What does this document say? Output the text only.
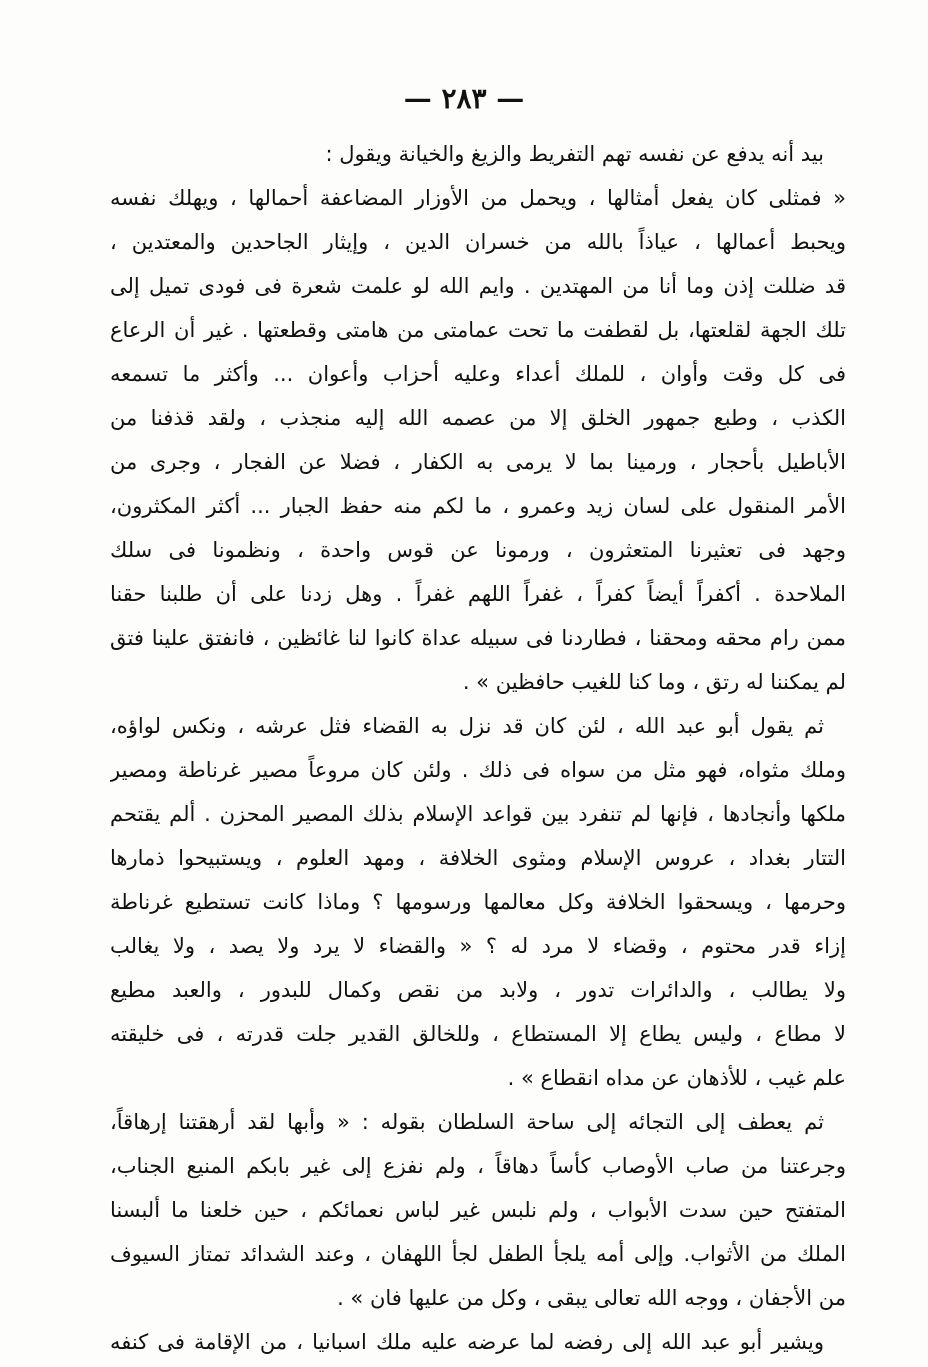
— ٢٨٣ —
بيد أنه يدفع عن نفسه تهم التفريط والزيغ والخيانة ويقول :
« فمثلى كان يفعل أمثالها ، ويحمل من الأوزار المضاعفة أحمالها ، ويهلك نفسه
ويحبط أعمالها ، عياذاً بالله من خسران الدين ، وإيثار الجاحدين والمعتدين ،
قد ضللت إذن وما أنا من المهتدين . وايم الله لو علمت شعرة فى فودى تميل إلى
تلك الجهة لقلعتها، بل لقطفت ما تحت عمامتى من هامتى وقطعتها . غير أن الرعاع
فى كل وقت وأوان ، للملك أعداء وعليه أحزاب وأعوان ... وأكثر ما تسمعه
الكذب ، وطبع جمهور الخلق إلا من عصمه الله إليه منجذب ، ولقد قذفنا من
الأباطيل بأحجار ، ورمينا بما لا يرمى به الكفار ، فضلا عن الفجار ، وجرى من
الأمر المنقول على لسان زيد وعمرو ، ما لكم منه حفظ الجبار ... أكثر المكثرون،
وجهد فى تعثيرنا المتعثرون ، ورمونا عن قوس واحدة ، ونظمونا فى سلك
الملاحدة . أكفراً أيضاً كفراً ، غفراً اللهم غفراً . وهل زدنا على أن طلبنا حقنا
ممن رام محقه ومحقنا ، فطاردنا فى سبيله عداة كانوا لنا غائظين ، فانفتق علينا فتق
لم يمكننا له رتق ، وما كنا للغيب حافظين » .
ثم يقول أبو عبد الله ، لئن كان قد نزل به القضاء فثل عرشه ، ونكس لواؤه،
وملك مثواه، فهو مثل من سواه فى ذلك . ولئن كان مروعاً مصير غرناطة ومصير
ملكها وأنجادها ، فإنها لم تنفرد بين قواعد الإسلام بذلك المصير المحزن . ألم يقتحم
التتار بغداد ، عروس الإسلام ومثوى الخلافة ، ومهد العلوم ، ويستبيحوا ذمارها
وحرمها ، ويسحقوا الخلافة وكل معالمها ورسومها ؟ وماذا كانت تستطيع غرناطة
إزاء قدر محتوم ، وقضاء لا مرد له ؟ « والقضاء لا يرد ولا يصد ، ولا يغالب
ولا يطالب ، والدائرات تدور ، ولابد من نقص وكمال للبدور ، والعبد مطيع
لا مطاع ، وليس يطاع إلا المستطاع ، وللخالق القدير جلت قدرته ، فى خليقته
علم غيب ، للأذهان عن مداه انقطاع » .
ثم يعطف إلى التجائه إلى ساحة السلطان بقوله : « وأبها لقد أرهقتنا إرهاقاً،
وجرعتنا من صاب الأوصاب كأساً دهاقاً ، ولم نفزع إلى غير بابكم المنيع الجناب،
المتفتح حين سدت الأبواب ، ولم نلبس غير لباس نعمائكم ، حين خلعنا ما ألبسنا
الملك من الأثواب. وإلى أمه يلجأ الطفل لجأ اللهفان ، وعند الشدائد تمتاز السيوف
من الأجفان ، ووجه الله تعالى يبقى ، وكل من عليها فان » .
ويشير أبو عبد الله إلى رفضه لما عرضه عليه ملك اسبانيا ، من الإقامة فى كنفه
